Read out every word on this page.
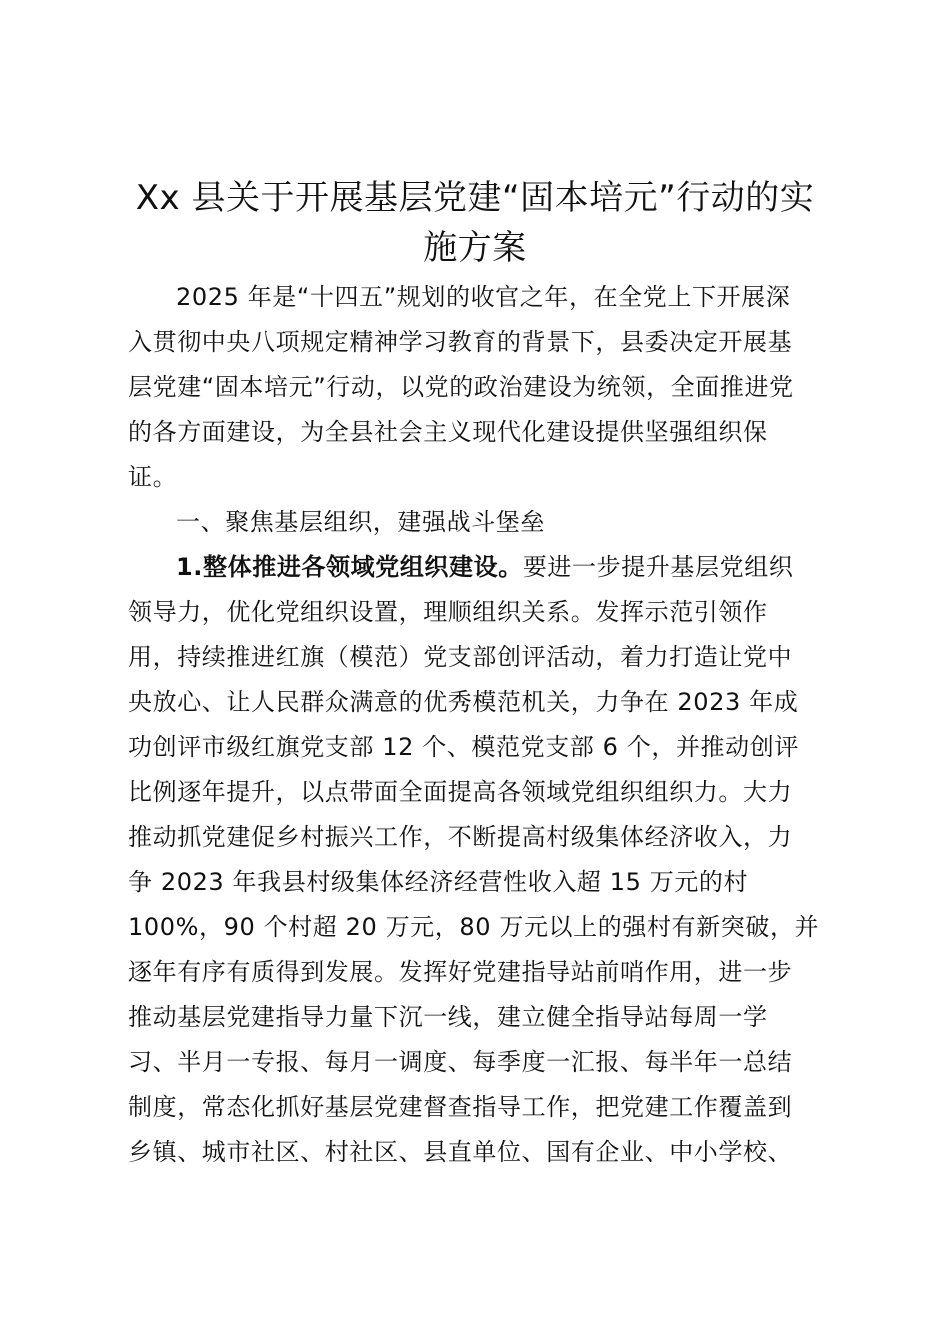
Xx 县关于开展基层党建“固本培元”行动的实
施方案

2025 年是“十四五”规划的收官之年，在全党上下开展深

入贯彻中央八项规定精神学习教育的背景下，县委决定开展基

层党建“固本培元”行动，以党的政治建设为统领，全面推进党

的各方面建设，为全县社会主义现代化建设提供坚强组织保

证。

一、聚焦基层组织，建强战斗堡垒

1.整体推进各领域党组织建设。要进一步提升基层党组织

领导力，优化党组织设置，理顺组织关系。发挥示范引领作

用，持续推进红旗（模范）党支部创评活动，着力打造让党中

央放心、让人民群众满意的优秀模范机关，力争在 2023 年成

功创评市级红旗党支部 12 个、模范党支部 6 个，并推动创评

比例逐年提升，以点带面全面提高各领域党组织组织力。大力

推动抓党建促乡村振兴工作，不断提高村级集体经济收入，力

争 2023 年我县村级集体经济经营性收入超 15 万元的村

100%，90 个村超 20 万元，80 万元以上的强村有新突破，并

逐年有序有质得到发展。发挥好党建指导站前哨作用，进一步

推动基层党建指导力量下沉一线，建立健全指导站每周一学

习、半月一专报、每月一调度、每季度一汇报、每半年一总结

制度，常态化抓好基层党建督查指导工作，把党建工作覆盖到

乡镇、城市社区、村社区、县直单位、国有企业、中小学校、
